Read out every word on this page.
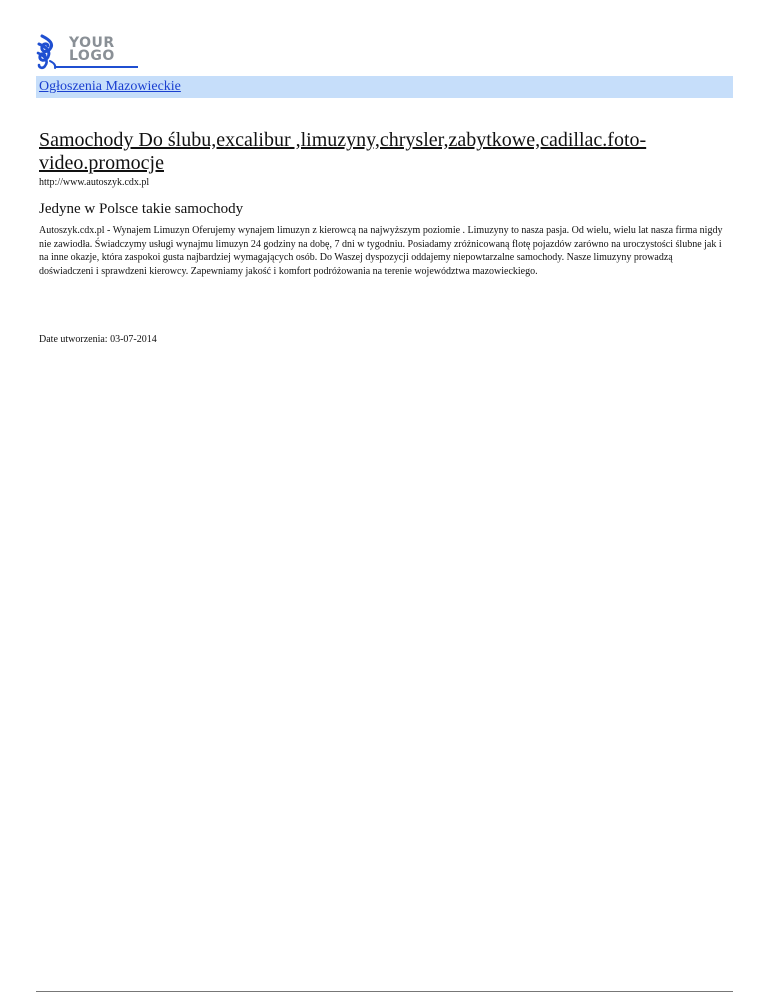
YOUR
LOGO
Ogłoszenia Mazowieckie
Samochody Do ślubu,excalibur ,limuzyny,chrysler,zabytkowe,cadillac.foto-video.promocje
http://www.autoszyk.cdx.pl
Jedyne w Polsce takie samochody

Autoszyk.cdx.pl - Wynajem Limuzyn Oferujemy wynajem limuzyn z kierowcą na najwyższym poziomie . Limuzyny to nasza pasja. Od wielu, wielu lat nasza firma nigdy nie zawiodła. Świadczymy usługi wynajmu limuzyn 24 godziny na dobę, 7 dni w tygodniu. Posiadamy zróżnicowaną flotę pojazdów zarówno na uroczystości ślubne jak i na inne okazje, która zaspokoi gusta najbardziej wymagających osób. Do Waszej dyspozycji oddajemy niepowtarzalne samochody. Nasze limuzyny prowadzą doświadczeni i sprawdzeni kierowcy. Zapewniamy jakość i komfort podróżowania na terenie województwa mazowieckiego.

Date utworzenia: 03-07-2014
